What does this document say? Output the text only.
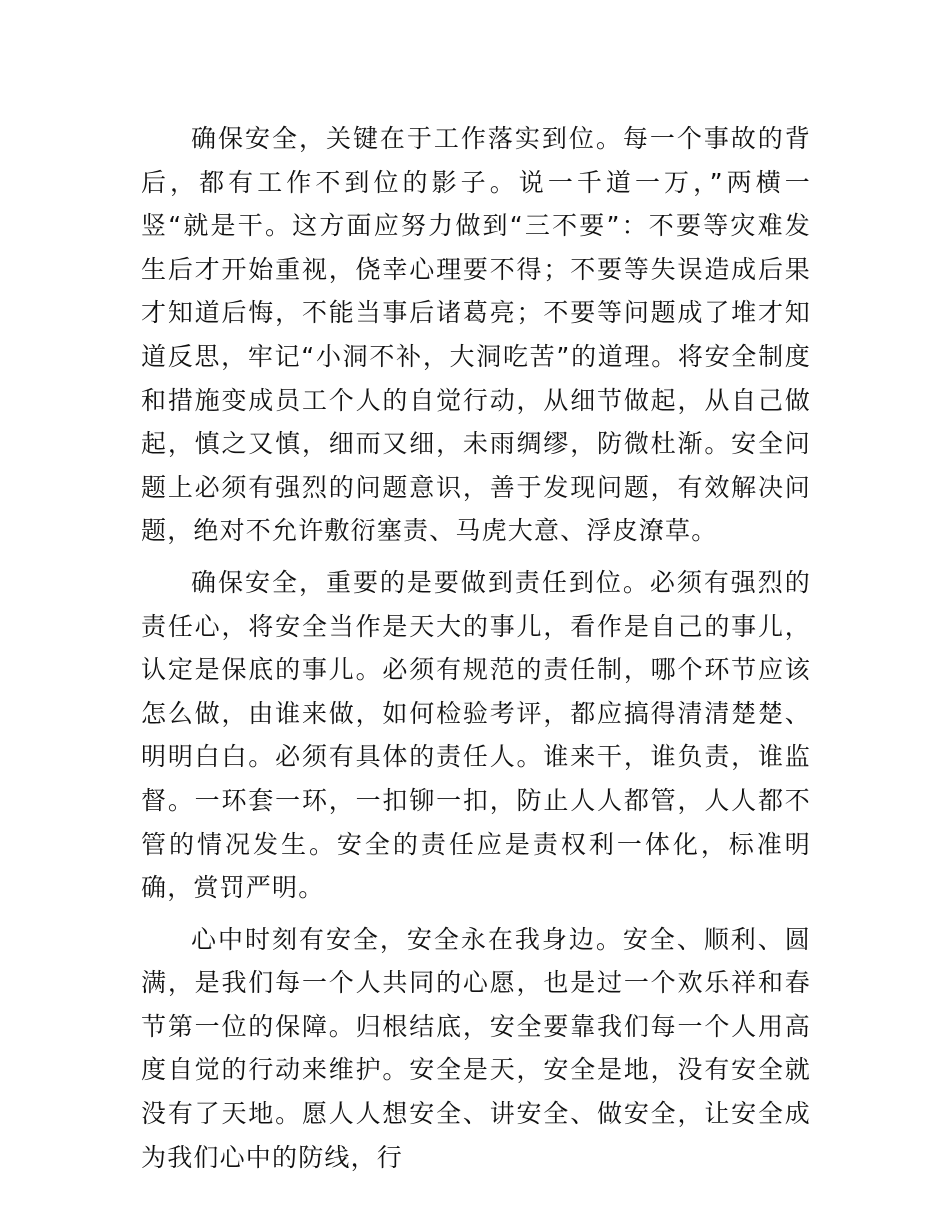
确保安全，关键在于工作落实到位。每一个事故的背后，都有工作不到位的影子。说一千道一万，”两横一竖“就是干。这方面应努力做到“三不要”：不要等灾难发生后才开始重视，侥幸心理要不得；不要等失误造成后果才知道后悔，不能当事后诸葛亮；不要等问题成了堆才知道反思，牢记“小洞不补，大洞吃苦”的道理。将安全制度和措施变成员工个人的自觉行动，从细节做起，从自己做起，慎之又慎，细而又细，未雨绸缪，防微杜渐。安全问题上必须有强烈的问题意识，善于发现问题，有效解决问题，绝对不允许敷衍塞责、马虎大意、浮皮潦草。

确保安全，重要的是要做到责任到位。必须有强烈的责任心，将安全当作是天大的事儿，看作是自己的事儿，认定是保底的事儿。必须有规范的责任制，哪个环节应该怎么做，由谁来做，如何检验考评，都应搞得清清楚楚、明明白白。必须有具体的责任人。谁来干，谁负责，谁监督。一环套一环，一扣铆一扣，防止人人都管，人人都不管的情况发生。安全的责任应是责权利一体化，标准明确，赏罚严明。

心中时刻有安全，安全永在我身边。安全、顺利、圆满，是我们每一个人共同的心愿，也是过一个欢乐祥和春节第一位的保障。归根结底，安全要靠我们每一个人用高度自觉的行动来维护。安全是天，安全是地，没有安全就没有了天地。愿人人想安全、讲安全、做安全，让安全成为我们心中的防线，行
